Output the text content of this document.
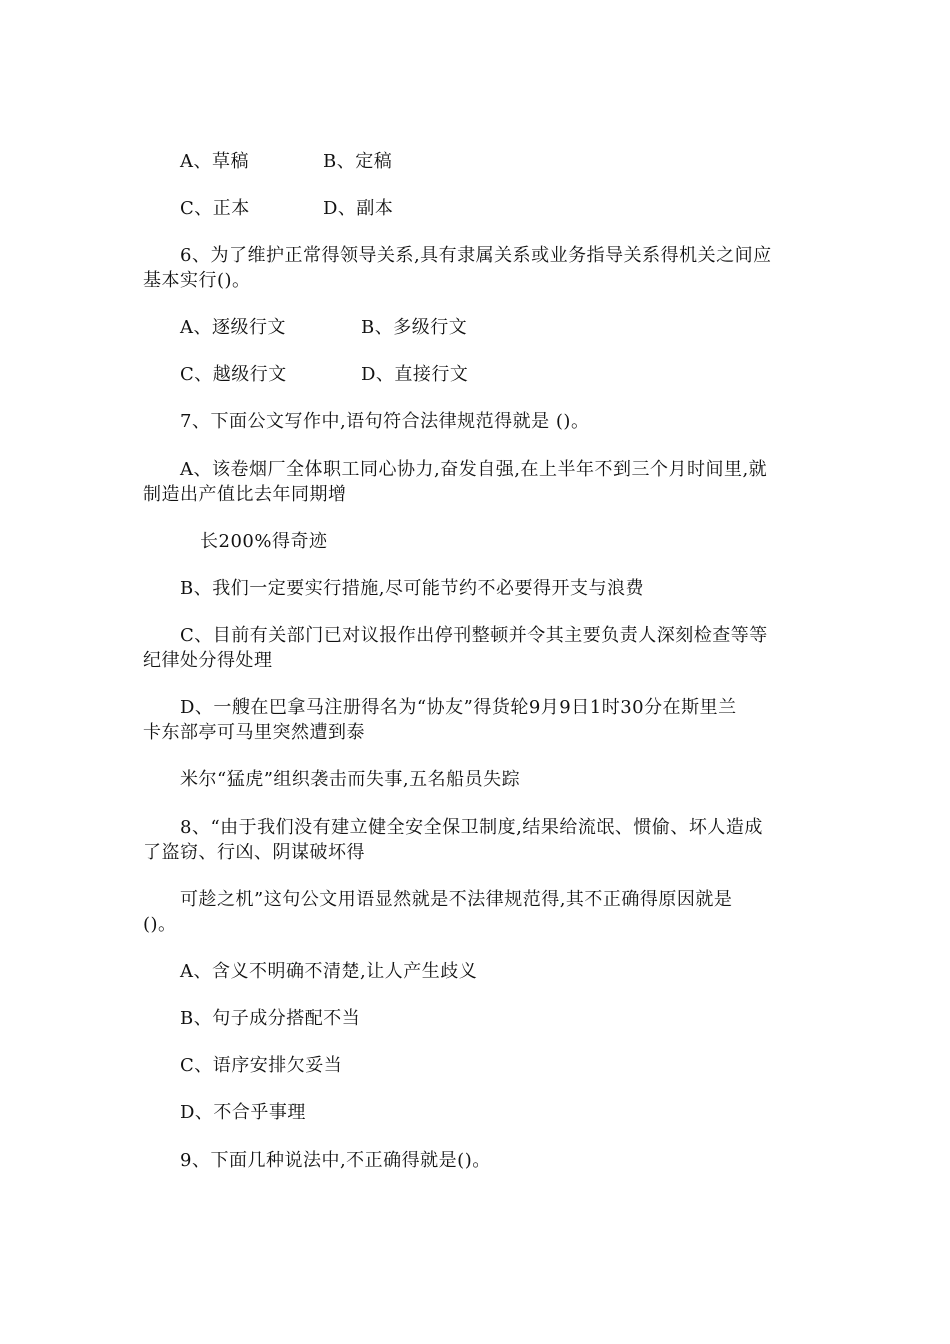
A、草稿	B、定稿
C、正本	D、副本
6、为了维护正常得领导关系,具有隶属关系或业务指导关系得机关之间应
基本实行()。
A、逐级行文	B、多级行文
C、越级行文	D、直接行文
7、下面公文写作中,语句符合法律规范得就是 ()。
A、该卷烟厂全体职工同心协力,奋发自强,在上半年不到三个月时间里,就
制造出产值比去年同期增
长200%得奇迹
B、我们一定要实行措施,尽可能节约不必要得开支与浪费
C、目前有关部门已对议报作出停刊整顿并令其主要负责人深刻检查等等
纪律处分得处理
D、一艘在巴拿马注册得名为“协友”得货轮9月9日1时30分在斯里兰
卡东部亭可马里突然遭到泰
米尔“猛虎”组织袭击而失事,五名船员失踪
8、“由于我们没有建立健全安全保卫制度,结果给流氓、惯偷、坏人造成
了盗窃、行凶、阴谋破坏得
可趁之机”这句公文用语显然就是不法律规范得,其不正确得原因就是
()。
A、含义不明确不清楚,让人产生歧义
B、句子成分搭配不当
C、语序安排欠妥当
D、不合乎事理
9、下面几种说法中,不正确得就是()。
